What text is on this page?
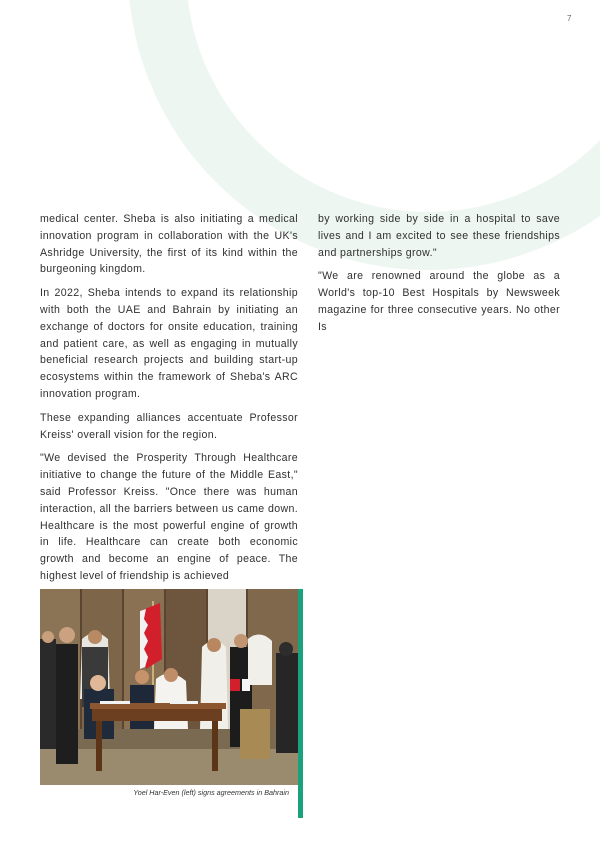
7

medical center. Sheba is also initiating a medical innovation program in collaboration with the UK's Ashridge University, the first of its kind within the burgeoning kingdom.

In 2022, Sheba intends to expand its relationship with both the UAE and Bahrain by initiating an exchange of doctors for onsite education, training and patient care, as well as engaging in mutually beneficial research projects and building start-up ecosystems within the framework of Sheba's ARC innovation program.

These expanding alliances accentuate Professor Kreiss' overall vision for the region.

"We devised the Prosperity Through Healthcare initiative to change the future of the Middle East," said Professor Kreiss. "Once there was human interaction, all the barriers between us came down. Healthcare is the most powerful engine of growth in life. Healthcare can create both economic growth and become an engine of peace. The highest level of friendship is achieved

by working side by side in a hospital to save lives and I am excited to see these friendships and partnerships grow."

"We are renowned around the globe as a World's top-10 Best Hospitals by Newsweek magazine for three consecutive years. No other Is

Yoel Har-Even (left) signs agreements in Bahrain
